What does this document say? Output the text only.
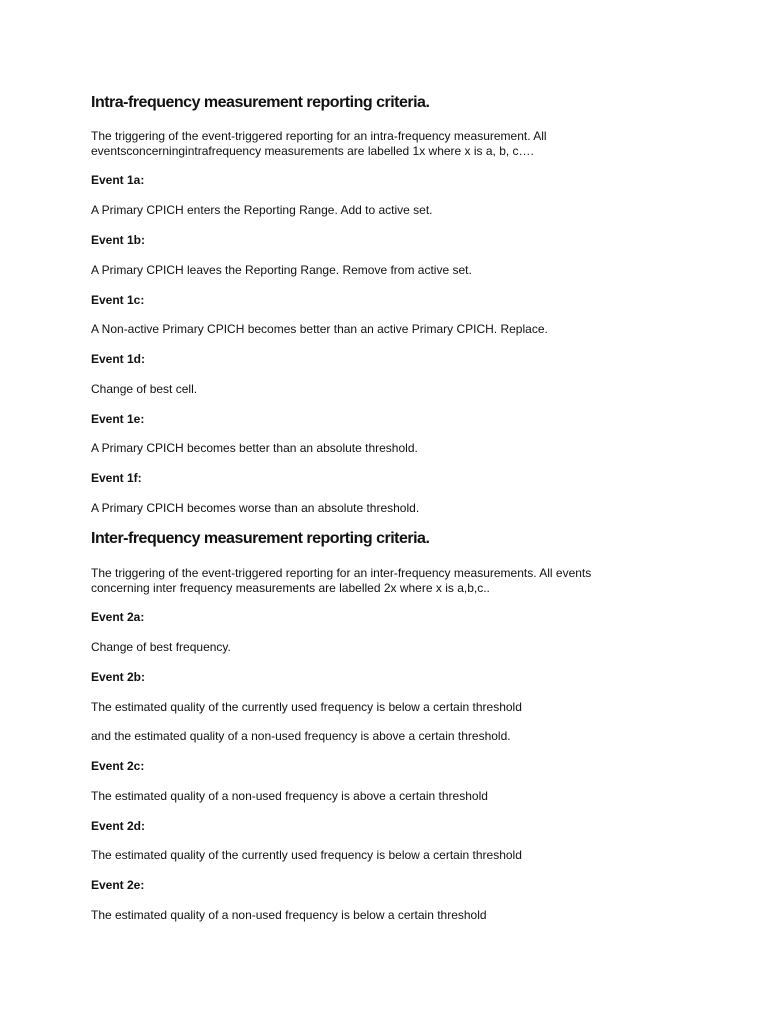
Intra-frequency measurement reporting criteria.

The triggering of the event-triggered reporting for an intra-frequency measurement. All

eventsconcerningintrafrequency measurements are labelled 1x where x is a, b, c….

Event 1a:

A Primary CPICH enters the Reporting Range. Add to active set.

Event 1b:

A Primary CPICH leaves the Reporting Range. Remove from active set.

Event 1c:

A Non-active Primary CPICH becomes better than an active Primary CPICH. Replace.

Event 1d:

Change of best cell.

Event 1e:

A Primary CPICH becomes better than an absolute threshold.

Event 1f:

A Primary CPICH becomes worse than an absolute threshold.

Inter-frequency measurement reporting criteria.

The triggering of the event-triggered reporting for an inter-frequency measurements. All events

concerning inter frequency measurements are labelled 2x where x is a,b,c..

Event 2a:

Change of best frequency.

Event 2b:

The estimated quality of the currently used frequency is below a certain threshold

and the estimated quality of a non-used frequency is above a certain threshold.

Event 2c:

The estimated quality of a non-used frequency is above a certain threshold

Event 2d:

The estimated quality of the currently used frequency is below a certain threshold

Event 2e:

The estimated quality of a non-used frequency is below a certain threshold
